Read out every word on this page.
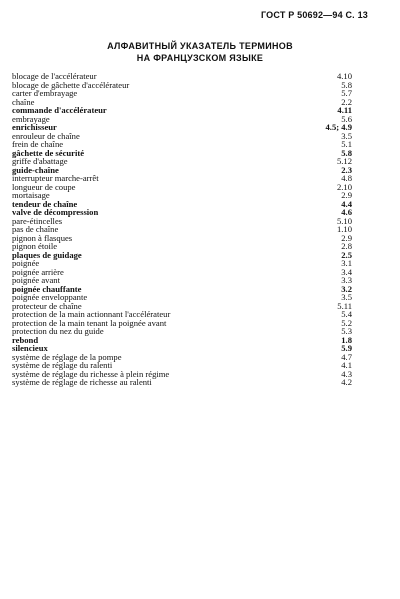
ГОСТ Р 50692—94 С. 13
АЛФАВИТНЫЙ УКАЗАТЕЛЬ ТЕРМИНОВ
НА ФРАНЦУЗСКОМ ЯЗЫКЕ
blocage de l'accélérateur	4.10
blocage de gâchette d'accélérateur	5.8
carter d'embrayage	5.7
chaîne	2.2
commande d'accélérateur	4.11
embrayage	5.6
enrichisseur	4.5; 4.9
enrouleur de chaîne	3.5
frein de chaîne	5.1
gâchette de sécurité	5.8
griffe d'abattage	5.12
guide-chaîne	2.3
interrupteur marche-arrêt	4.8
longueur de coupe	2.10
mortaisage	2.9
tendeur de chaîne	4.4
valve de décompression	4.6
pare-étincelles	5.10
pas de chaîne	1.10
pignon à flasques	2.9
pignon étoile	2.8
plaques de guidage	2.5
poignée	3.1
poignée arrière	3.4
poignée avant	3.3
poignée chauffante	3.2
poignée enveloppante	3.5
protecteur de chaîne	5.11
protection de la main actionnant l'accélérateur	5.4
protection de la main tenant la poignée avant	5.2
protection du nez du guide	5.3
rebond	1.8
silencieux	5.9
système de réglage de la pompe	4.7
système de réglage du ralenti	4.1
système de réglage du richesse à plein régime	4.3
système de réglage de richesse au ralenti	4.2
